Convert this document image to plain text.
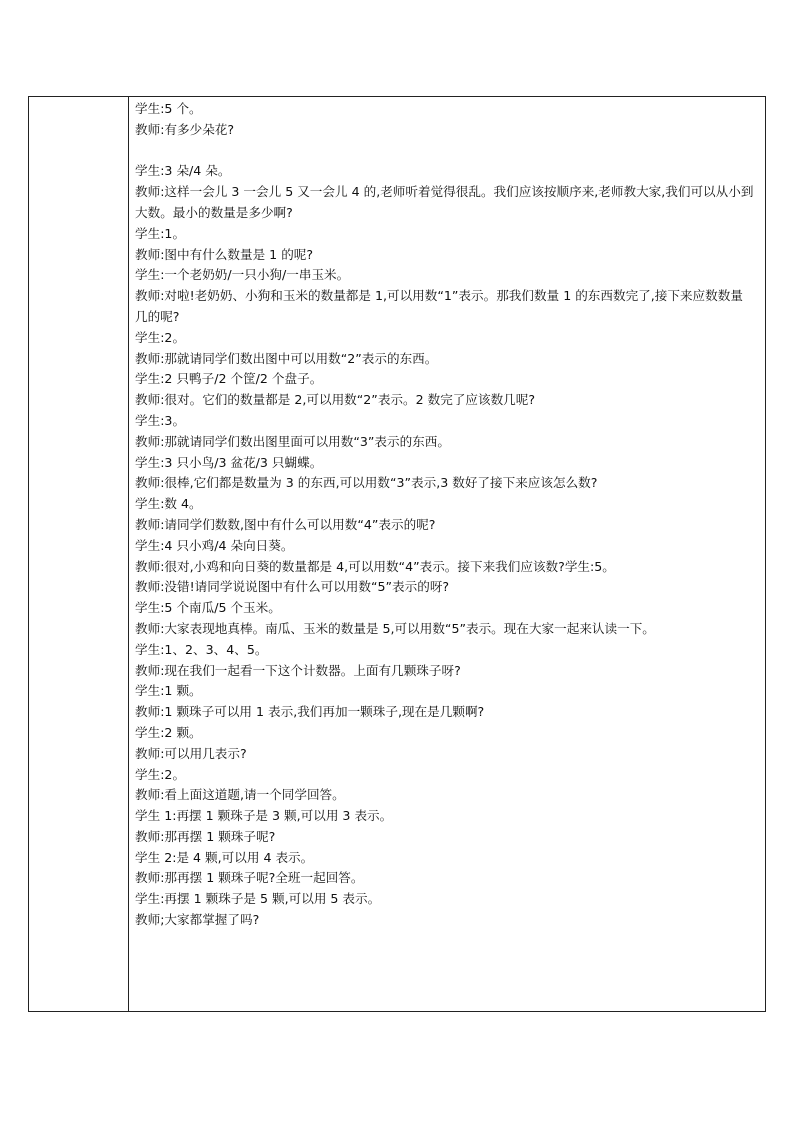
学生:5 个。
教师:有多少朵花?
学生:3 朵/4 朵。
教师:这样一会儿 3 一会儿 5 又一会儿 4 的,老师听着觉得很乱。我们应该按顺序来,老师教大家,我们可以从小到大数。最小的数量是多少啊?
学生:1。
教师:图中有什么数量是 1 的呢?
学生:一个老奶奶/一只小狗/一串玉米。
教师:对啦!老奶奶、小狗和玉米的数量都是 1,可以用数“1”表示。那我们数量 1 的东西数完了,接下来应数数量几的呢?
学生:2。
教师:那就请同学们数出图中可以用数“2”表示的东西。
学生:2 只鸭子/2 个筐/2 个盘子。
教师:很对。它们的数量都是 2,可以用数“2”表示。2 数完了应该数几呢?
学生:3。
教师:那就请同学们数出图里面可以用数“3”表示的东西。
学生:3 只小鸟/3 盆花/3 只蝴蝶。
教师:很棒,它们都是数量为 3 的东西,可以用数“3”表示,3 数好了接下来应该怎么数?
学生:数 4。
教师:请同学们数数,图中有什么可以用数“4”表示的呢?
学生:4 只小鸡/4 朵向日葵。
教师:很对,小鸡和向日葵的数量都是 4,可以用数“4”表示。接下来我们应该数?学生:5。
教师:没错!请同学说说图中有什么可以用数“5”表示的呀?
学生:5 个南瓜/5 个玉米。
教师:大家表现地真棒。南瓜、玉米的数量是 5,可以用数“5”表示。现在大家一起来认读一下。
学生:1、2、3、4、5。
教师:现在我们一起看一下这个计数器。上面有几颗珠子呀?
学生:1 颗。
教师:1 颗珠子可以用 1 表示,我们再加一颗珠子,现在是几颗啊?
学生:2 颗。
教师:可以用几表示?
学生:2。
教师:看上面这道题,请一个同学回答。
学生 1:再摆 1 颗珠子是 3 颗,可以用 3 表示。
教师:那再摆 1 颗珠子呢?
学生 2:是 4 颗,可以用 4 表示。
教师:那再摆 1 颗珠子呢?全班一起回答。
学生:再摆 1 颗珠子是 5 颗,可以用 5 表示。
教师;大家都掌握了吗?
